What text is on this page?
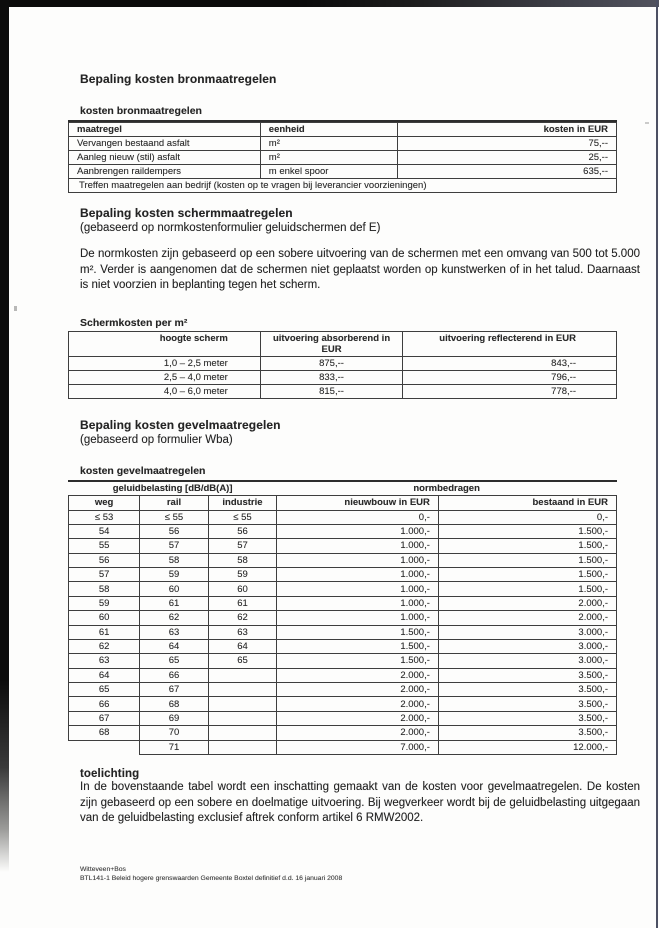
Bepaling kosten bronmaatregelen
kosten bronmaatregelen
maatregel	eenheid	kosten in EUR
Vervangen bestaand asfalt	m²	75,--
Aanleg nieuw (stil) asfalt	m²	25,--
Aanbrengen raildempers	m enkel spoor	635,--
Treffen maatregelen aan bedrijf (kosten op te vragen bij leverancier voorzieningen)		
Bepaling kosten schermmaatregelen
(gebaseerd op normkostenformulier geluidschermen def E)

De normkosten zijn gebaseerd op een sobere uitvoering van de schermen met een omvang van 500 tot 5.000 m². Verder is aangenomen dat de schermen niet geplaatst worden op kunstwerken of in het talud. Daarnaast is niet voorzien in beplanting tegen het scherm.

Schermkosten per m²
hoogte scherm	uitvoering absorberend in EUR	uitvoering reflecterend in EUR
1,0 – 2,5 meter	875,--	843,--
2,5 – 4,0 meter	833,--	796,--
4,0 – 6,0 meter	815,--	778,--
Bepaling kosten gevelmaatregelen
(gebaseerd op formulier Wba)
kosten gevelmaatregelen
geluidbelasting [dB/dB(A)]			normbedragen	
weg	rail	industrie	nieuwbouw in EUR	bestaand in EUR
≤ 53	≤ 55	≤ 55	0,-	0,-
54	56	56	1.000,-	1.500,-
55	57	57	1.000,-	1.500,-
56	58	58	1.000,-	1.500,-
57	59	59	1.000,-	1.500,-
58	60	60	1.000,-	1.500,-
59	61	61	1.000,-	2.000,-
60	62	62	1.000,-	2.000,-
61	63	63	1.500,-	3.000,-
62	64	64	1.500,-	3.000,-
63	65	65	1.500,-	3.000,-
64	66		2.000,-	3.500,-
65	67		2.000,-	3.500,-
66	68		2.000,-	3.500,-
67	69		2.000,-	3.500,-
68	70		2.000,-	3.500,-
	71		7.000,-	12.000,-
toelichting

In de bovenstaande tabel wordt een inschatting gemaakt van de kosten voor gevelmaatregelen. De kosten zijn gebaseerd op een sobere en doelmatige uitvoering. Bij wegverkeer wordt bij de geluidbelasting uitgegaan van de geluidbelasting exclusief aftrek conform artikel 6 RMW2002.

Witteveen+Bos
BTL141-1 Beleid hogere grenswaarden Gemeente Boxtel definitief d.d. 16 januari 2008
